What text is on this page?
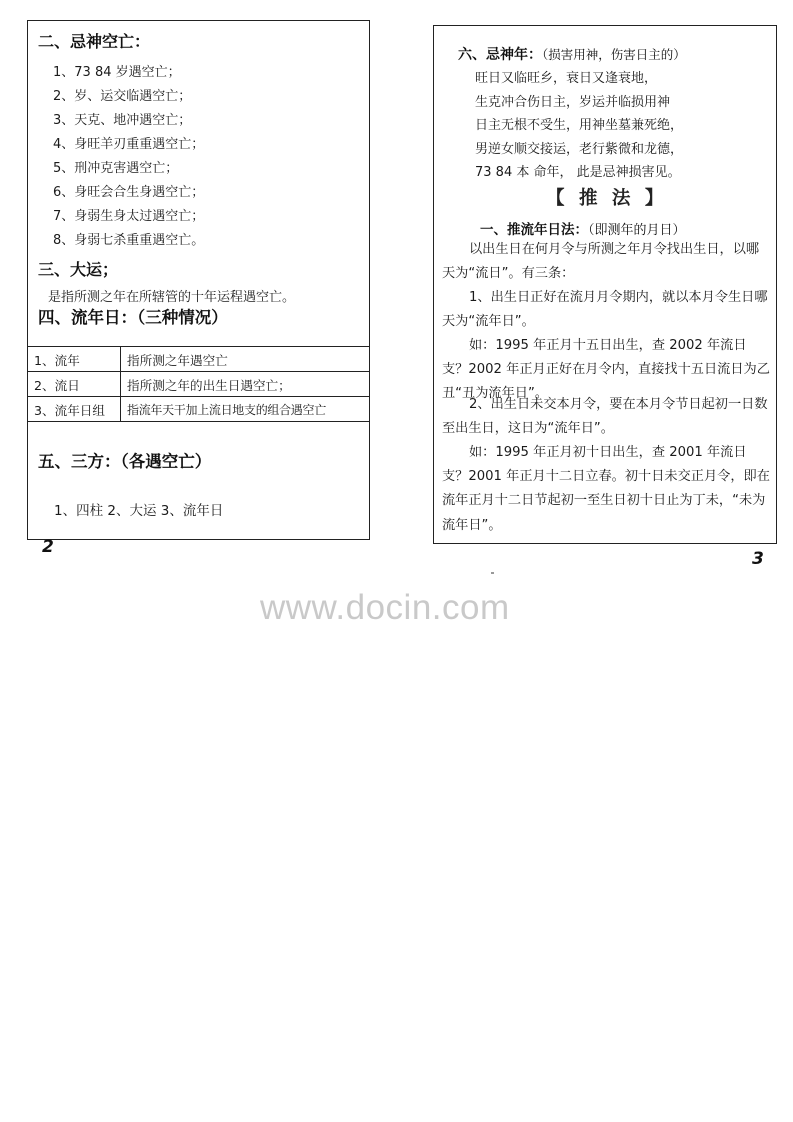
二、忌神空亡：
1、73 84 岁遇空亡；
2、岁、运交临遇空亡；
3、天克、地冲遇空亡；
4、身旺羊刃重重遇空亡；
5、刑冲克害遇空亡；
6、身旺会合生身遇空亡；
7、身弱生身太过遇空亡；
8、身弱七杀重重遇空亡。
三、大运；
是指所测之年在所辖管的十年运程遇空亡。
四、流年日：（三种情况）
1、流年	指所测之年遇空亡
2、流日	指所测之年的出生日遇空亡；
3、流年日组	指流年天干加上流日地支的组合遇空亡
五、三方：（各遇空亡）
1、四柱 2、大运 3、流年日
2
六、忌神年：（损害用神，伤害日主的）
旺日又临旺乡，衰日又逢衰地，
生克冲合伤日主，岁运并临损用神
日主无根不受生，用神坐墓兼死绝，
男逆女顺交接运，老行紫微和龙德，
73 84 本 命年， 此是忌神损害见。
【 推 法 】
一、推流年日法：（即测年的月日）
以出生日在何月令与所测之年月令找出生日，以哪天为“流日”。有三条：
1、出生日正好在流月月令期内，就以本月令生日哪天为“流年日”。
如：1995 年正月十五日出生，查 2002 年流日支？2002 年正月正好在月令内，直接找十五日流日为乙丑“丑为流年日”。
2、出生日未交本月令，要在本月令节日起初一日数至出生日，这日为“流年日”。
如：1995 年正月初十日出生，查 2001 年流日支？2001 年正月十二日立春。初十日未交正月令，即在流年正月十二日节起初一至生日初十日止为丁未，“未为流年日”。
3
www.docin.com
